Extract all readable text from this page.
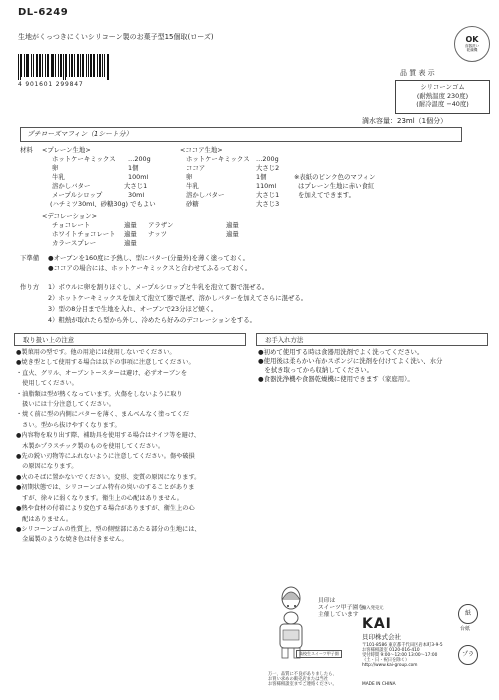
DL-6249
生地がくっつきにくいシリコーン製のお菓子型15個取(ローズ)	OK
食器洗い
乾燥機
4 901601 299847
品 質 表 示
シリコーンゴム
(耐熱温度 230度)
(耐冷温度 −40度)
満水容量：23ml（1個分）
プチローズマフィン（1シート分）
材料 <プレーン生地>
ホットケーキミックス …200g
卵	1個
牛乳	100ml
溶かしバター	大さじ1
メープルシロップ	30ml
(ハチミツ30ml、砂糖30g) でもよい
<ココア生地>
ホットケーキミックス …200g
ココア	大さじ2
卵	1個
牛乳	110ml
溶かしバター	大さじ1
砂糖	大さじ3
※表紙のピンク色のマフィン
はプレーン生地に赤い食紅
を加えてできます。
<デコレーション>
チョコレート	適量 アラザン	適量
ホワイトチョコレート 適量 ナッツ	適量
カラースプレー	適量
下準備 ●オーブンを160度に予熱し、型にバター(分量外)を薄く塗っておく。
●ココアの場合には、ホットケーキミックスと合わせてふるっておく。
作り方 1）ボウルに卵を割りほぐし、メープルシロップと牛乳を泡立て器で混ぜる。
2）ホットケーキミックスを加えて泡立て器で混ぜ、溶かしバターを加えてさらに混ぜる。
3）型の8分目まで生地を入れ、オーブンで23分ほど焼く。
4）粗熱が取れたら型から外し、冷めたら好みのデコレーションをする。
取り扱い上の注意
●製菓用の型です。他の用途には使用しないでください。
●焼き型として使用する場合は以下の事項に注意してください。
・直火、グリル、オーブントースターは避け、必ずオーブンを
　使用してください。
・油脂類は型が熱くなっています。火傷をしないように取り
　扱いには十分注意してください。
・焼く前に型の内側にバターを薄く、まんべんなく塗ってくだ
　さい。型から抜けやすくなります。
●内容物を取り出す際、補助具を使用する場合はナイフ等を避け、
　木製かプラスチック製のものを使用してください。
●先の鋭い刃物等にふれないように注意してください。傷や破損
　の原因になります。
●火のそばに置かないでください。変形、変質の原因になります。
●初期状態では、シリコーンゴム特有の臭いのすることがありま
　すが、徐々に弱くなります。衛生上の心配はありません。
●熱や食材の付着により変色する場合がありますが、衛生上の心
　配はありません。
●シリコーンゴムの性質上、型の側壁部にあたる部分の生地には、
　金属製のような焼き色は付きません。
お手入れ方法
●初めて使用する時は食器用洗剤でよく洗ってください。
●使用後は柔らかい布かスポンジに洗剤を付けてよく洗い、水分
　を拭き取ってから収納してください。
●食器洗浄機や食器乾燥機に使用できます（家庭用）。
貝印は
スイーツ甲子園を
主催しています
高校生スイーツ甲子園
万一、品質に不良がありましたら、
お買い求めの販売店または当社
お客様相談室までご連絡ください。
輸入発売元
KAI
貝印株式会社
〒101-8586 東京都千代田区岩本町3-9-5
お客様相談室 0120-016-410
受付時間 9:00〜12:00 13:00〜17:00
（土・日・祝日を除く）
http://www.kai-group.com
MADE IN CHINA
紙
台紙
プラ
